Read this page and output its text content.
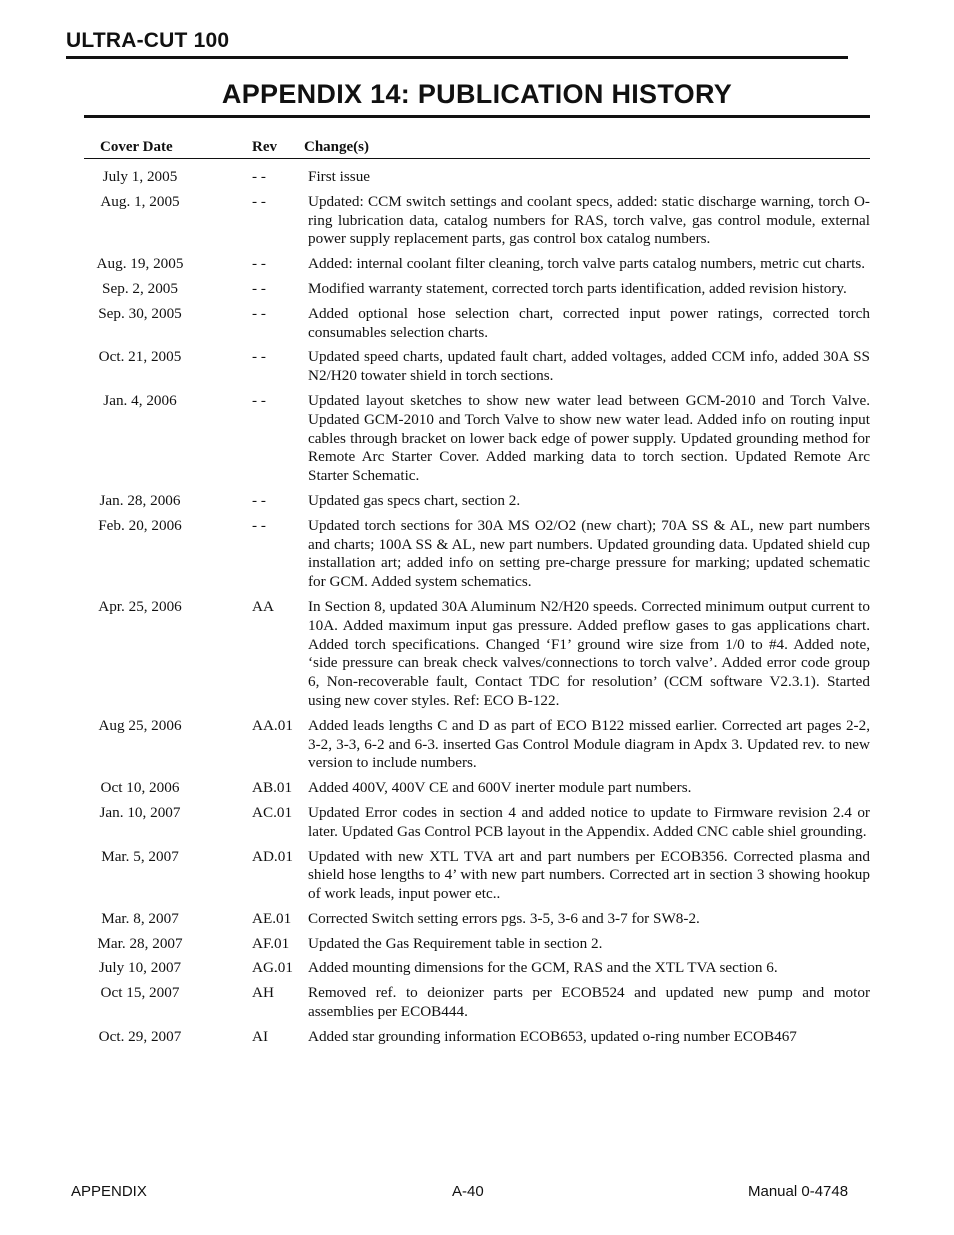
ULTRA-CUT 100
APPENDIX 14: PUBLICATION HISTORY
Cover Date	Rev Change(s)
July 1, 2005	- -	First issue
Aug. 1, 2005	- -	Updated: CCM switch settings and coolant specs, added: static discharge warning, torch O-ring lubrication data, catalog numbers for RAS, torch valve, gas control module, external power supply replacement parts, gas control box catalog numbers.
Aug. 19, 2005	- -	Added: internal coolant filter cleaning, torch valve parts catalog numbers, metric cut charts.
Sep. 2, 2005	- -	Modified warranty statement, corrected torch parts identification, added revision history.
Sep. 30, 2005	- -	Added optional hose selection chart, corrected input power ratings, corrected torch consumables selection charts.
Oct. 21, 2005	- -	Updated speed charts, updated fault chart, added voltages, added CCM info, added 30A SS N2/H20 towater shield in torch sections.
Jan. 4, 2006	- -	Updated layout sketches to show new water lead between GCM-2010 and Torch Valve. Updated GCM-2010 and Torch Valve to show new water lead. Added info on routing input cables through bracket on lower back edge of power supply. Updated grounding method for Remote Arc Starter Cover. Added marking data to torch section. Updated Remote Arc Starter Schematic.
Jan. 28, 2006	- -	Updated gas specs chart, section 2.
Feb. 20, 2006	- -	Updated torch sections for 30A MS O2/O2 (new chart); 70A SS & AL, new part numbers and charts; 100A SS & AL, new part numbers. Updated grounding data. Updated shield cup installation art; added info on setting pre-charge pressure for marking; updated schematic for GCM. Added system schematics.
Apr. 25, 2006	AA In Section 8, updated 30A Aluminum N2/H20 speeds. Corrected minimum output current to 10A. Added maximum input gas pressure. Added preflow gases to gas applications chart. Added torch specifications. Changed ‘F1’ ground wire size from 1/0 to #4. Added note, ‘side pressure can break check valves/connections to torch valve’. Added error code group 6, Non-recoverable fault, Contact TDC for resolution’ (CCM software V2.3.1). Started using new cover styles. Ref: ECO B-122.
Aug 25, 2006	AA.01 Added leads lengths C and D as part of ECO B122 missed earlier. Corrected art pages 2-2, 3-2, 3-3, 6-2 and 6-3. inserted Gas Control Module diagram in Apdx 3. Updated rev. to new version to include numbers.
Oct 10, 2006	AB.01 Added 400V, 400V CE and 600V inerter module part numbers.
Jan. 10, 2007	AC.01 Updated Error codes in section 4 and added notice to update to Firmware revision 2.4 or later. Updated Gas Control PCB layout in the Appendix. Added CNC cable shiel grounding.
Mar. 5, 2007	AD.01 Updated with new XTL TVA art and part numbers per ECOB356. Corrected plasma and shield hose lengths to 4’ with new part numbers. Corrected art in section 3 showing hookup of work leads, input power etc..
Mar. 8, 2007	AE.01 Corrected Switch setting errors pgs. 3-5, 3-6 and 3-7 for SW8-2.
Mar. 28, 2007	AF.01 Updated the Gas Requirement table in section 2.
July 10, 2007	AG.01 Added mounting dimensions for the GCM, RAS and the XTL TVA section 6.
Oct 15, 2007	AH Removed ref. to deionizer parts per ECOB524 and updated new pump and motor assemblies per ECOB444.
Oct. 29, 2007	AI	Added star grounding information ECOB653, updated o-ring number ECOB467
APPENDIX	A-40	Manual 0-4748
